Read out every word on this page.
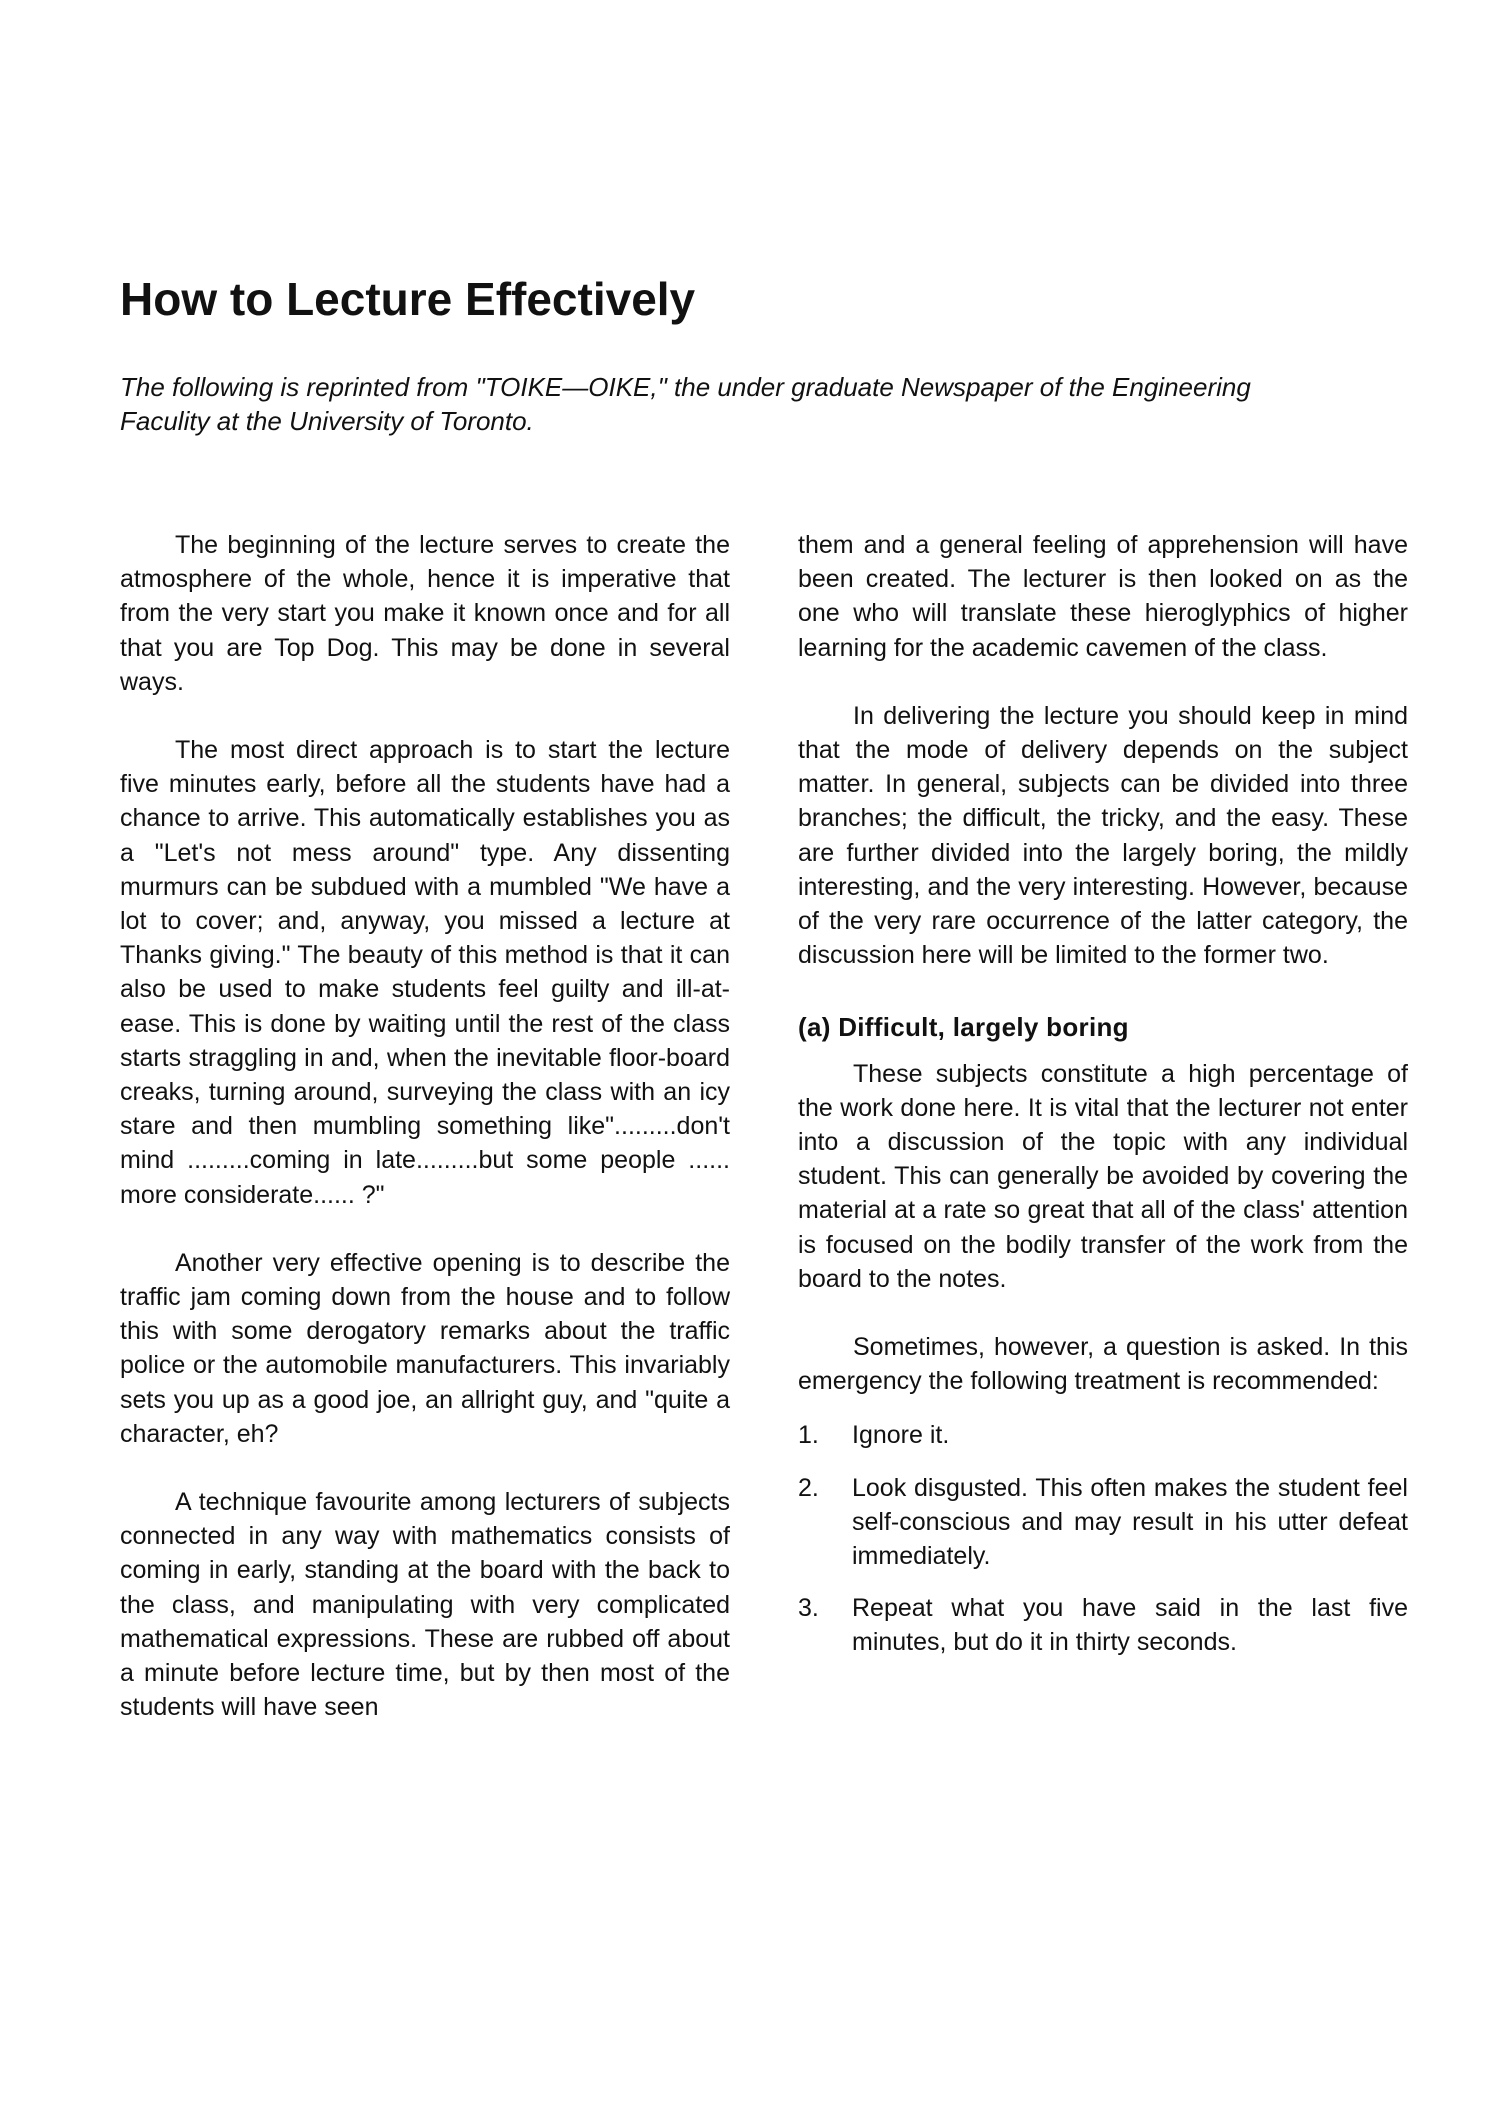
How to Lecture Effectively

The following is reprinted from "TOIKE—OIKE," the under graduate Newspaper of the Engineering Faculity at the University of Toronto.

The beginning of the lecture serves to create the atmosphere of the whole, hence it is imperative that from the very start you make it known once and for all that you are Top Dog. This may be done in several ways.

The most direct approach is to start the lecture five minutes early, before all the students have had a chance to arrive. This automatically establishes you as a "Let's not mess around" type. Any dissenting murmurs can be subdued with a mumbled "We have a lot to cover; and, anyway, you missed a lecture at Thanks giving." The beauty of this method is that it can also be used to make students feel guilty and ill-at-ease. This is done by waiting until the rest of the class starts straggling in and, when the inevitable floor-board creaks, turning around, surveying the class with an icy stare and then mumbling something like".........don't mind .........coming in late.........but some people ...... more considerate...... ?"

Another very effective opening is to describe the traffic jam coming down from the house and to follow this with some derogatory remarks about the traffic police or the automobile manufacturers. This invariably sets you up as a good joe, an allright guy, and "quite a character, eh?

A technique favourite among lecturers of subjects connected in any way with mathematics consists of coming in early, standing at the board with the back to the class, and manipulating with very complicated mathematical expressions. These are rubbed off about a minute before lecture time, but by then most of the students will have seen

them and a general feeling of apprehension will have been created. The lecturer is then looked on as the one who will translate these hieroglyphics of higher learning for the academic cavemen of the class.

In delivering the lecture you should keep in mind that the mode of delivery depends on the subject matter. In general, subjects can be divided into three branches; the difficult, the tricky, and the easy. These are further divided into the largely boring, the mildly interesting, and the very interesting. However, because of the very rare occurrence of the latter category, the discussion here will be limited to the former two.

(a) Difficult, largely boring

These subjects constitute a high percentage of the work done here. It is vital that the lecturer not enter into a discussion of the topic with any individual student. This can generally be avoided by covering the material at a rate so great that all of the class' attention is focused on the bodily transfer of the work from the board to the notes.

Sometimes, however, a question is asked. In this emergency the following treatment is recommended:

1.	Ignore it.
2.	Look disgusted. This often makes the student feel self-conscious and may result in his utter defeat immediately.
3.	Repeat what you have said in the last five minutes, but do it in thirty seconds.
